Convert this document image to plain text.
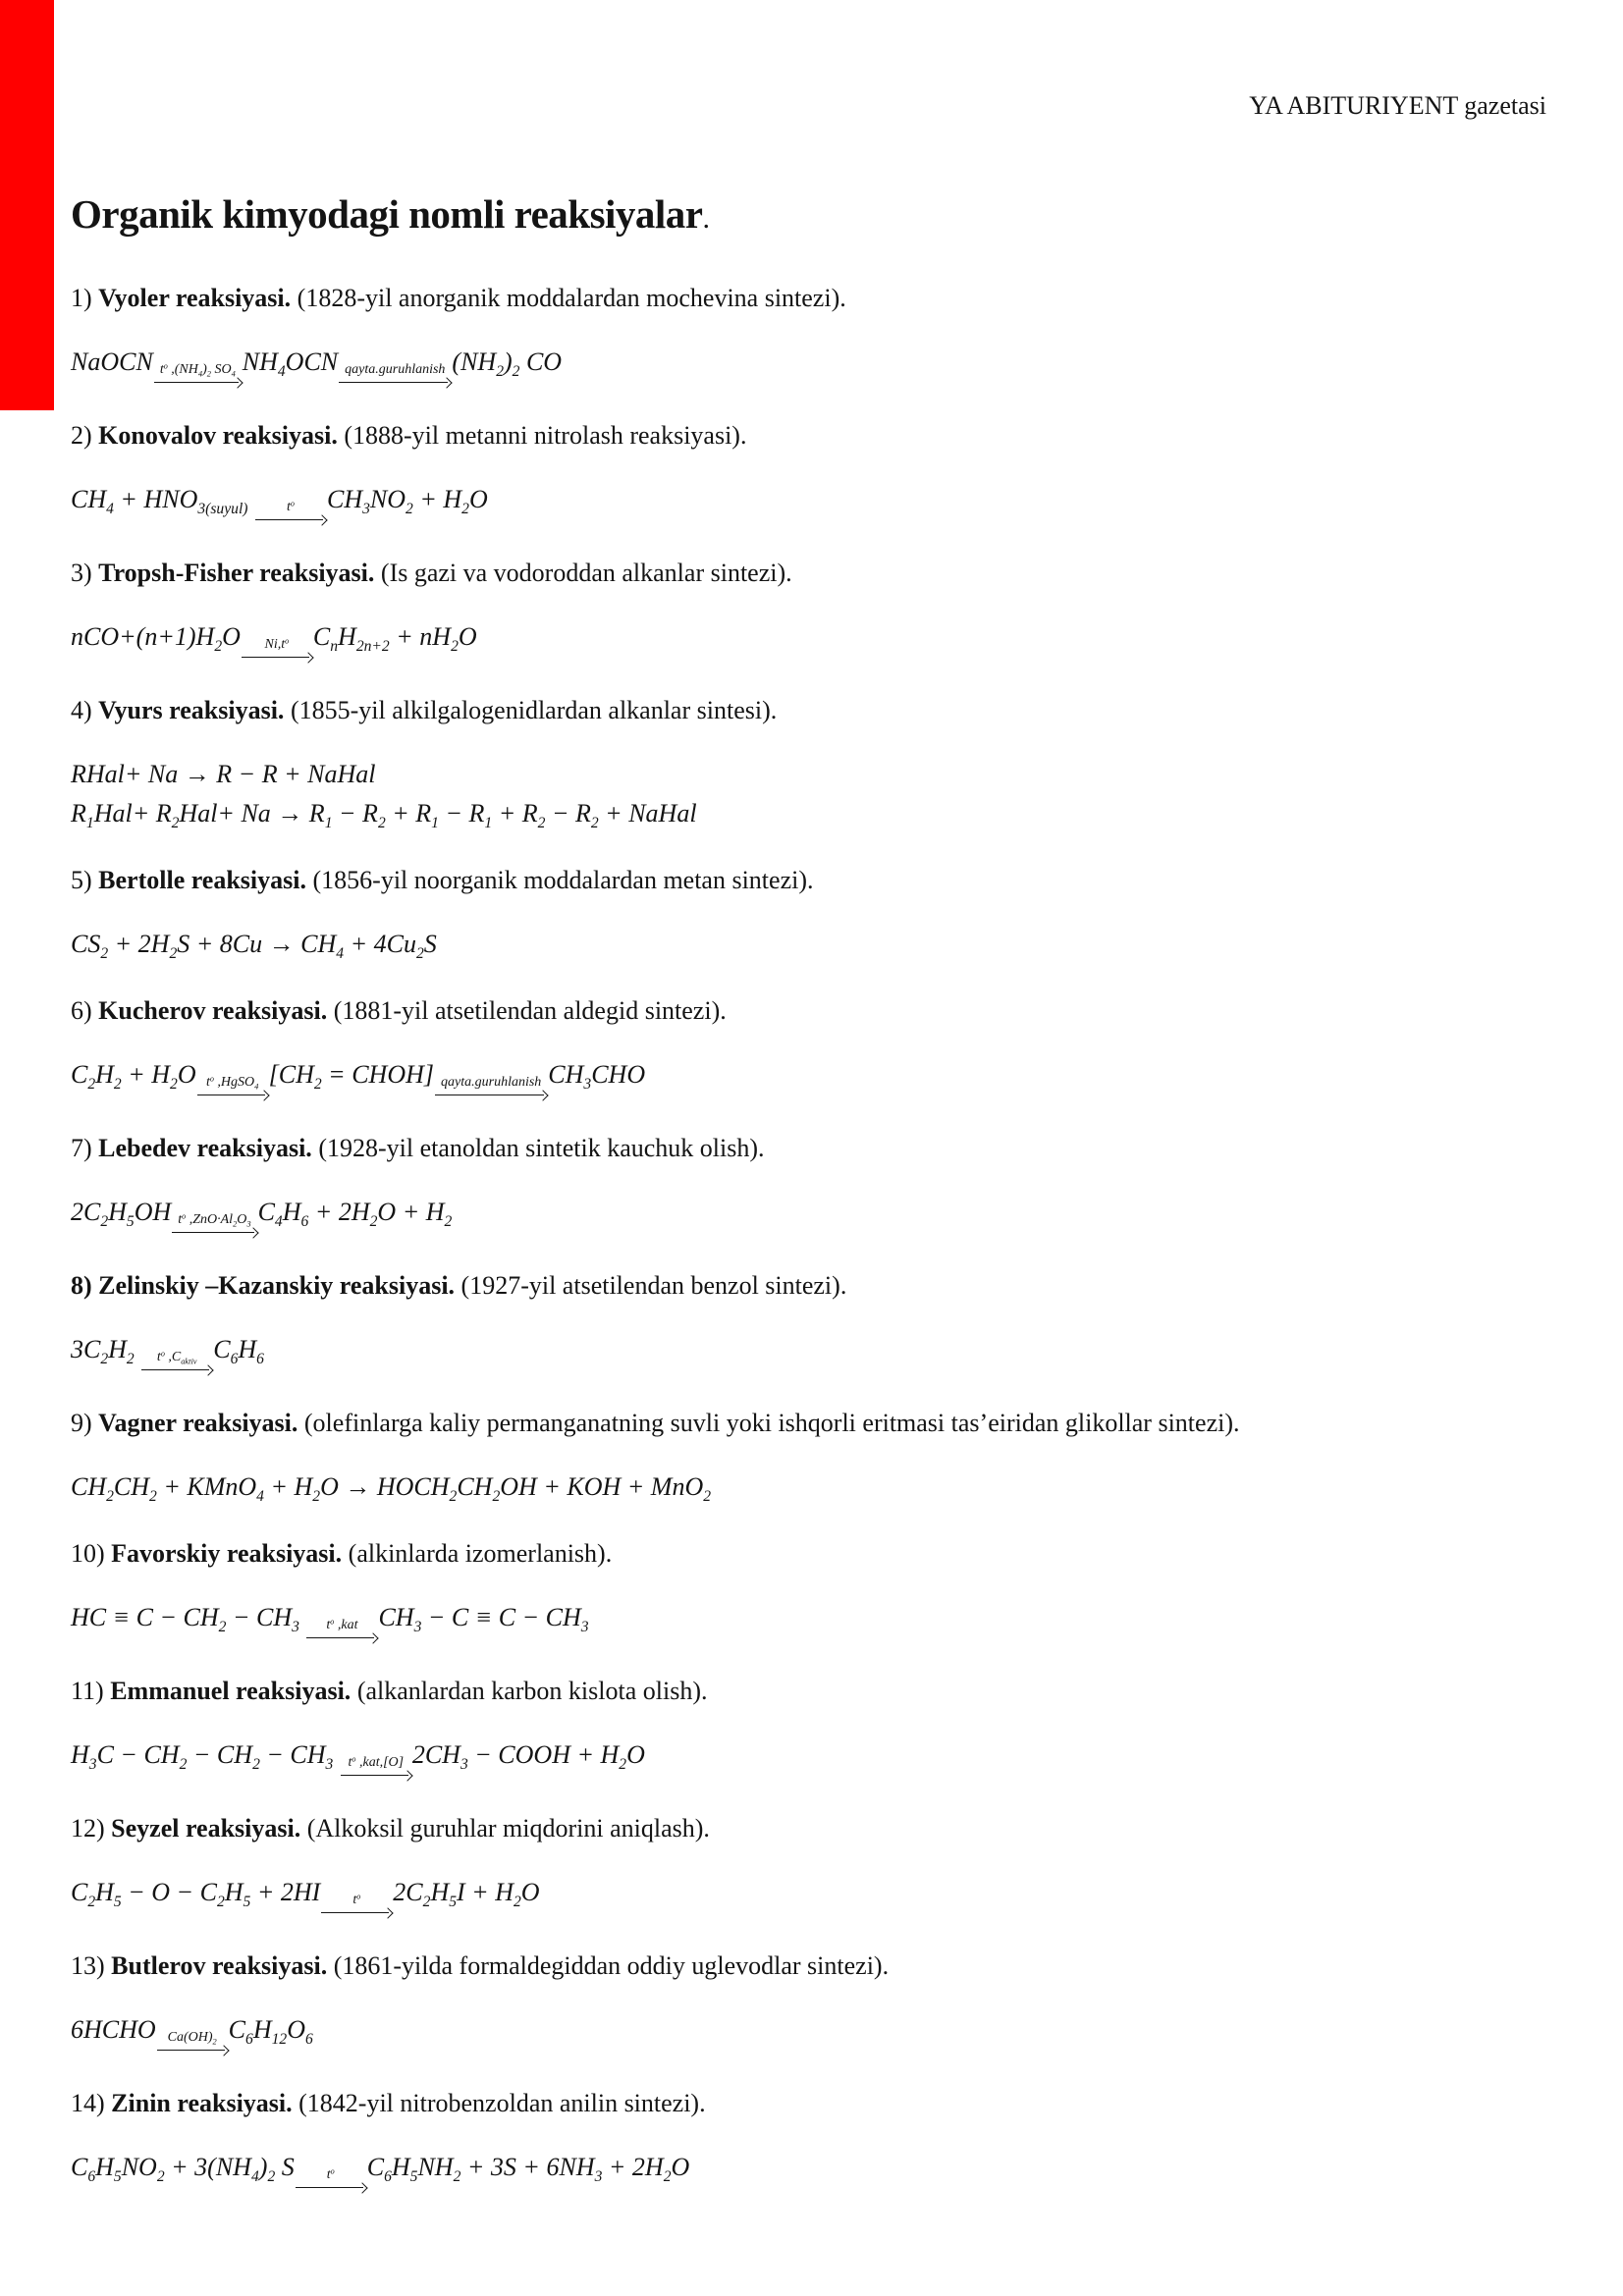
YA ABITURIYENT gazetasi
Organik kimyodagi nomli reaksiyalar.

1) Vyoler reaksiyasi. (1828-yil anorganik moddalardan mochevina sintezi).

NaOCN $t^o$ $,(NH_4)_2$ $SO_4$ $NH_4OCN$ qayta.guruhlanish $(NH_2)_2$ CO

2) Konovalov reaksiyasi. (1888-yil metanni nitrolash reaksiyasi).

$CH_4 + HNO_{3(suyul)}$	$t^o$ $CH_3NO_2 + H_2O$

3) Tropsh-Fisher reaksiyasi. (Is gazi va vodoroddan alkanlar sintezi).

$nCO+(n+1)H_2O$	$Ni,t^o$ $C_nH_{2n+2} + nH_2O$

4) Vyurs reaksiyasi. (1855-yil alkilgalogenidlardan alkanlar sintesi).

RHal+ Na → R − R + NaHal
$R_1Hal+ R_2Hal+ Na \to R_1 - R_2 + R_1 - R_1 + R_2 - R_2$ + NaHal

5) Bertolle reaksiyasi. (1856-yil noorganik moddalardan metan sintezi).

$CS_2 + 2H_2S + 8Cu \to CH_4 + 4Cu_2S$

6) Kucherov reaksiyasi. (1881-yil atsetilendan aldegid sintezi).

$C_2H_2 + H_2O$ $t^o$ ,HgSO$_4$ [$CH_2$ = CHOH] qayta.guruhlanish $CH_3CHO$

7) Lebedev reaksiyasi. (1928-yil etanoldan sintetik kauchuk olish).

$2C_2H_5OH$ $t^o$ $,ZnO\cdot Al_2O_3$ $C_4H_6 + 2H_2O + H_2$

8) Zelinskiy –Kazanskiy reaksiyasi. (1927-yil atsetilendan benzol sintezi).

$3C_2H_2$	$t^o$ $,C_{aktiv}$ $C_6H_6$

9) Vagner reaksiyasi. (olefinlarga kaliy permanganatning suvli yoki ishqorli eritmasi tas’eiridan glikollar sintezi).

$CH_2CH_2$ + KMnO$_4$ + $H_2O$ → $HOCH_2CH_2OH$ + KOH + MnO$_2$

10) Favorskiy reaksiyasi. (alkinlarda izomerlanish).

HC ≡ $C - CH_2 - CH_3$	$t^o$ ,kat $CH_3 - C \equiv C - CH_3$

11) Emmanuel reaksiyasi. (alkanlardan karbon kislota olish).

$H_3C - CH_2 - CH_2 - CH_3$	$t^o$ ,kat,[O] $2CH_3$ − COOH + $H_2O$

12) Seyzel reaksiyasi. (Alkoksil guruhlar miqdorini aniqlash).

$C_2H_5 - O - C_2H_5 + 2HI$	$t^o$ $2C_2H_5I + H_2O$

13) Butlerov reaksiyasi. (1861-yilda formaldegiddan oddiy uglevodlar sintezi).

6HCHO $Ca(OH)_2$ $C_6H_{12}O_6$

14) Zinin reaksiyasi. (1842-yil nitrobenzoldan anilin sintezi).

$C_6H_5NO_2 + 3(NH_4)_2$ S	$t^o$ $C_6H_5NH_2 + 3S + 6NH_3 + 2H_2O$
